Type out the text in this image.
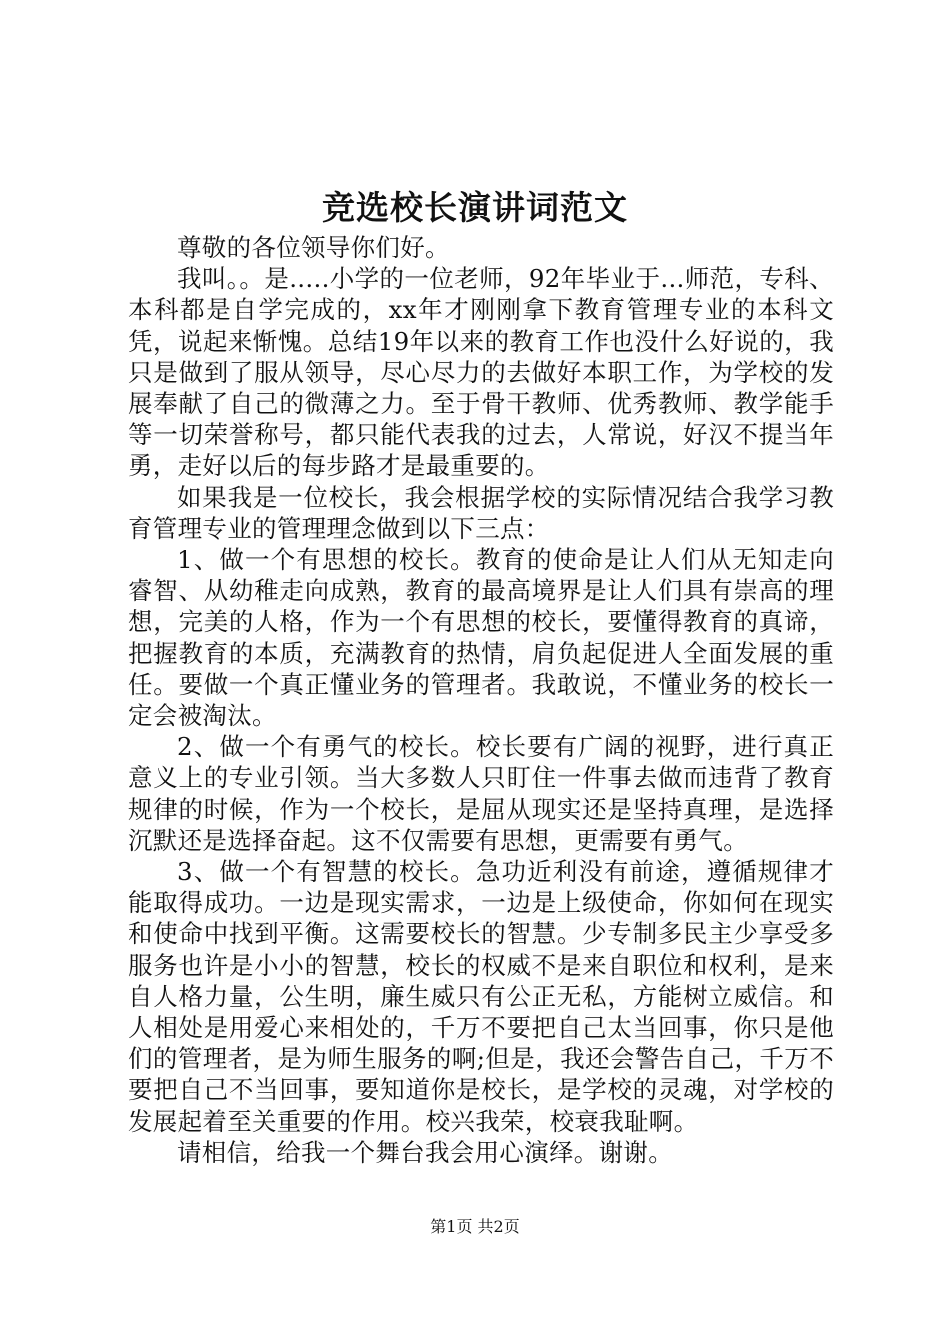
竞选校长演讲词范文

尊敬的各位领导你们好。

我叫。。是.....小学的一位老师，92年毕业于...师范，专科、本科都是自学完成的，xx年才刚刚拿下教育管理专业的本科文凭，说起来惭愧。总结19年以来的教育工作也没什么好说的，我只是做到了服从领导，尽心尽力的去做好本职工作，为学校的发展奉献了自己的微薄之力。至于骨干教师、优秀教师、教学能手等一切荣誉称号，都只能代表我的过去，人常说，好汉不提当年勇，走好以后的每步路才是最重要的。

如果我是一位校长，我会根据学校的实际情况结合我学习教育管理专业的管理理念做到以下三点：

1、做一个有思想的校长。教育的使命是让人们从无知走向睿智、从幼稚走向成熟，教育的最高境界是让人们具有崇高的理想，完美的人格，作为一个有思想的校长，要懂得教育的真谛，把握教育的本质，充满教育的热情，肩负起促进人全面发展的重任。要做一个真正懂业务的管理者。我敢说，不懂业务的校长一定会被淘汰。

2、做一个有勇气的校长。校长要有广阔的视野，进行真正意义上的专业引领。当大多数人只盯住一件事去做而违背了教育规律的时候，作为一个校长，是屈从现实还是坚持真理，是选择沉默还是选择奋起。这不仅需要有思想，更需要有勇气。

3、做一个有智慧的校长。急功近利没有前途，遵循规律才能取得成功。一边是现实需求，一边是上级使命，你如何在现实和使命中找到平衡。这需要校长的智慧。少专制多民主少享受多服务也许是小小的智慧，校长的权威不是来自职位和权利，是来自人格力量，公生明，廉生威只有公正无私，方能树立威信。和人相处是用爱心来相处的，千万不要把自己太当回事，你只是他们的管理者，是为师生服务的啊;但是，我还会警告自己，千万不要把自己不当回事，要知道你是校长，是学校的灵魂，对学校的发展起着至关重要的作用。校兴我荣，校衰我耻啊。

请相信，给我一个舞台我会用心演绎。谢谢。

第1页 共2页
